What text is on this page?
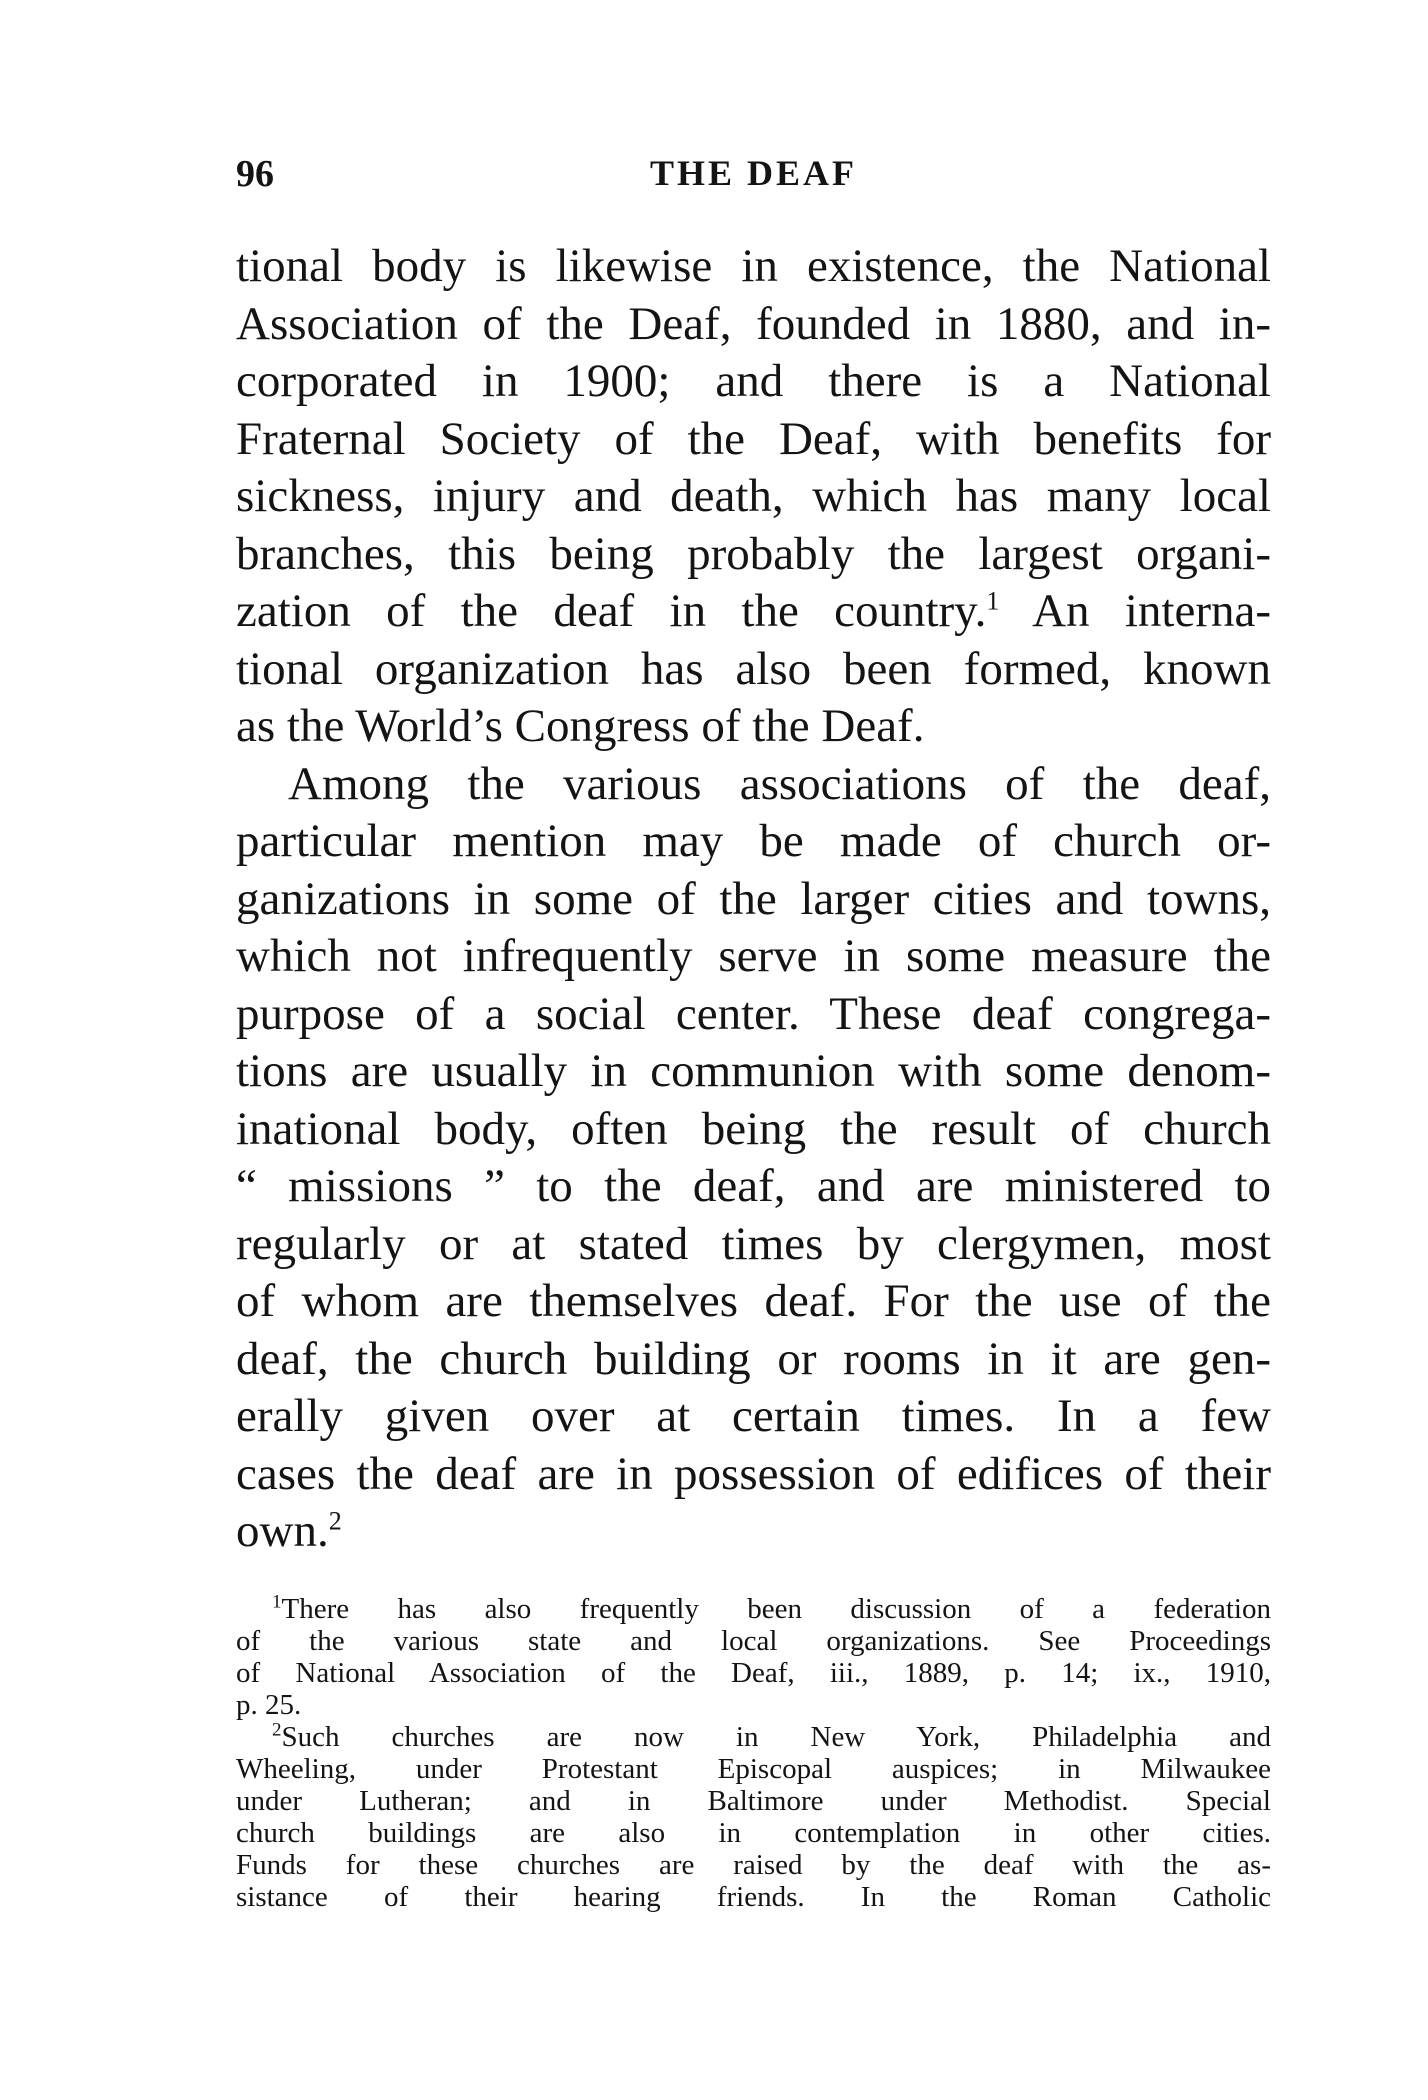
96	THE DEAF
tional body is likewise in existence, the National
Association of the Deaf, founded in 1880, and in-
corporated in 1900; and there is a National
Fraternal Society of the Deaf, with benefits for
sickness, injury and death, which has many local
branches, this being probably the largest organi-
zation of the deaf in the country.$^1$ An interna-
tional organization has also been formed, known
as the World’s Congress of the Deaf.
Among the various associations of the deaf,
particular mention may be made of church or-
ganizations in some of the larger cities and towns,
which not infrequently serve in some measure the
purpose of a social center. These deaf congrega-
tions are usually in communion with some denom-
inational body, often being the result of church
“ missions ” to the deaf, and are ministered to
regularly or at stated times by clergymen, most
of whom are themselves deaf. For the use of the
deaf, the church building or rooms in it are gen-
erally given over at certain times. In a few
cases the deaf are in possession of edifices of their
own.$^2$
$^1$There has also frequently been discussion of a federation
of the various state and local organizations. See Proceedings
of National Association of the Deaf, iii., 1889, p. 14; ix., 1910,
p. 25.
$^2$Such churches are now in New York, Philadelphia and
Wheeling, under Protestant Episcopal auspices; in Milwaukee
under Lutheran; and in Baltimore under Methodist. Special
church buildings are also in contemplation in other cities.
Funds for these churches are raised by the deaf with the as-
sistance of their hearing friends. In the Roman Catholic
